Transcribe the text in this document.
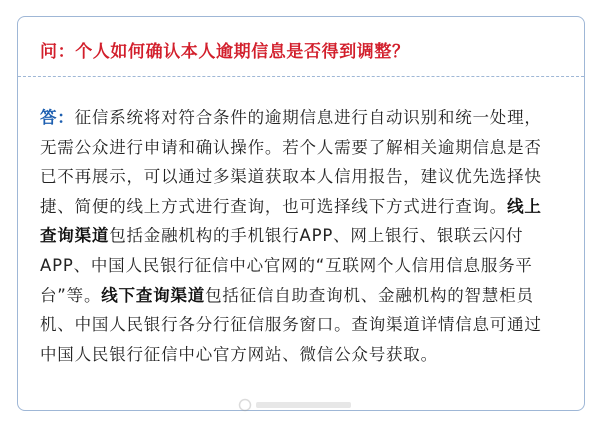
问：个人如何确认本人逾期信息是否得到调整？
答：征信系统将对符合条件的逾期信息进行自动识别和统一处理，
无需公众进行申请和确认操作。若个人需要了解相关逾期信息是否
已不再展示，可以通过多渠道获取本人信用报告，建议优先选择快
捷、简便的线上方式进行查询，也可选择线下方式进行查询。线上
查询渠道包括金融机构的手机银行APP、网上银行、银联云闪付
APP、中国人民银行征信中心官网的“互联网个人信用信息服务平
台”等。线下查询渠道包括征信自助查询机、金融机构的智慧柜员
机、中国人民银行各分行征信服务窗口。查询渠道详情信息可通过
中国人民银行征信中心官方网站、微信公众号获取。
